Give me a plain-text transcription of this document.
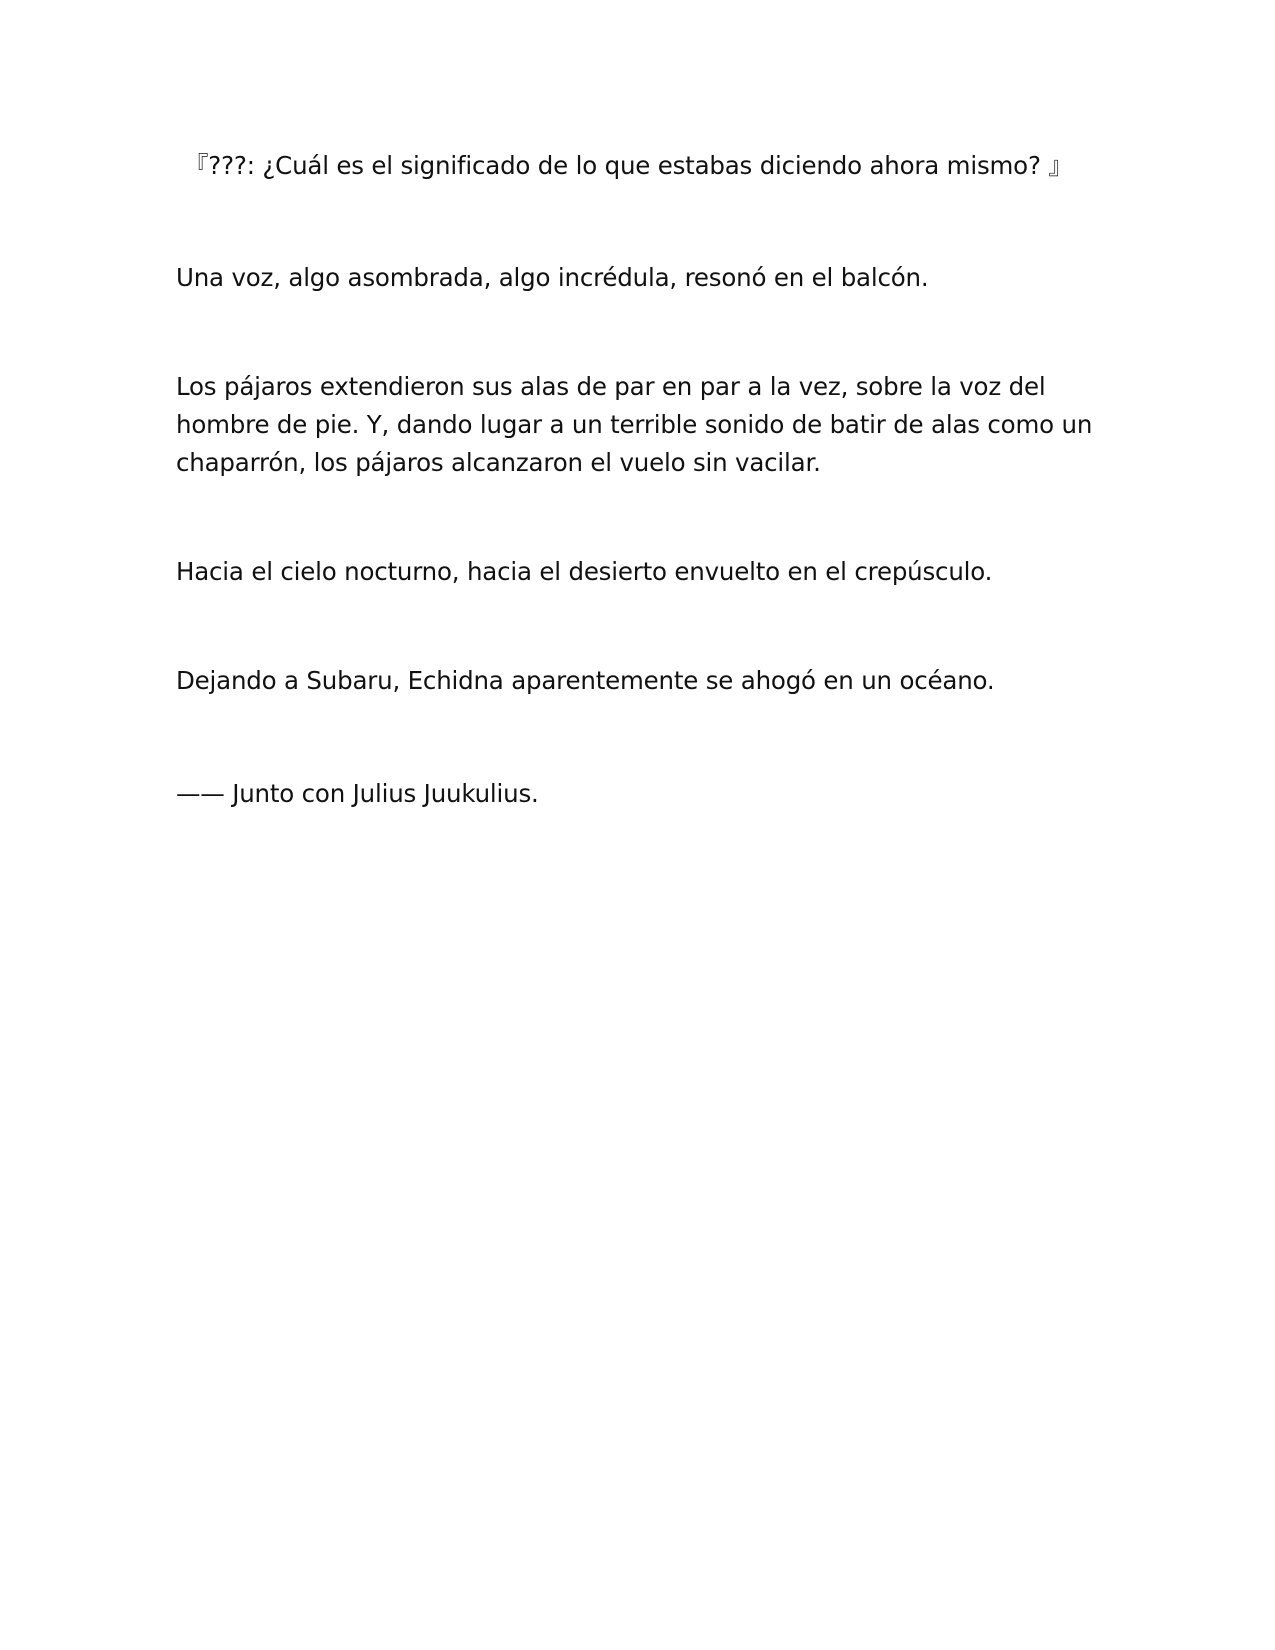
『???: ¿Cuál es el significado de lo que estabas diciendo ahora mismo? 』

Una voz, algo asombrada, algo incrédula, resonó en el balcón.

Los pájaros extendieron sus alas de par en par a la vez, sobre la voz del hombre de pie. Y, dando lugar a un terrible sonido de batir de alas como un chaparrón, los pájaros alcanzaron el vuelo sin vacilar.

Hacia el cielo nocturno, hacia el desierto envuelto en el crepúsculo.

Dejando a Subaru, Echidna aparentemente se ahogó en un océano.

—— Junto con Julius Juukulius.
